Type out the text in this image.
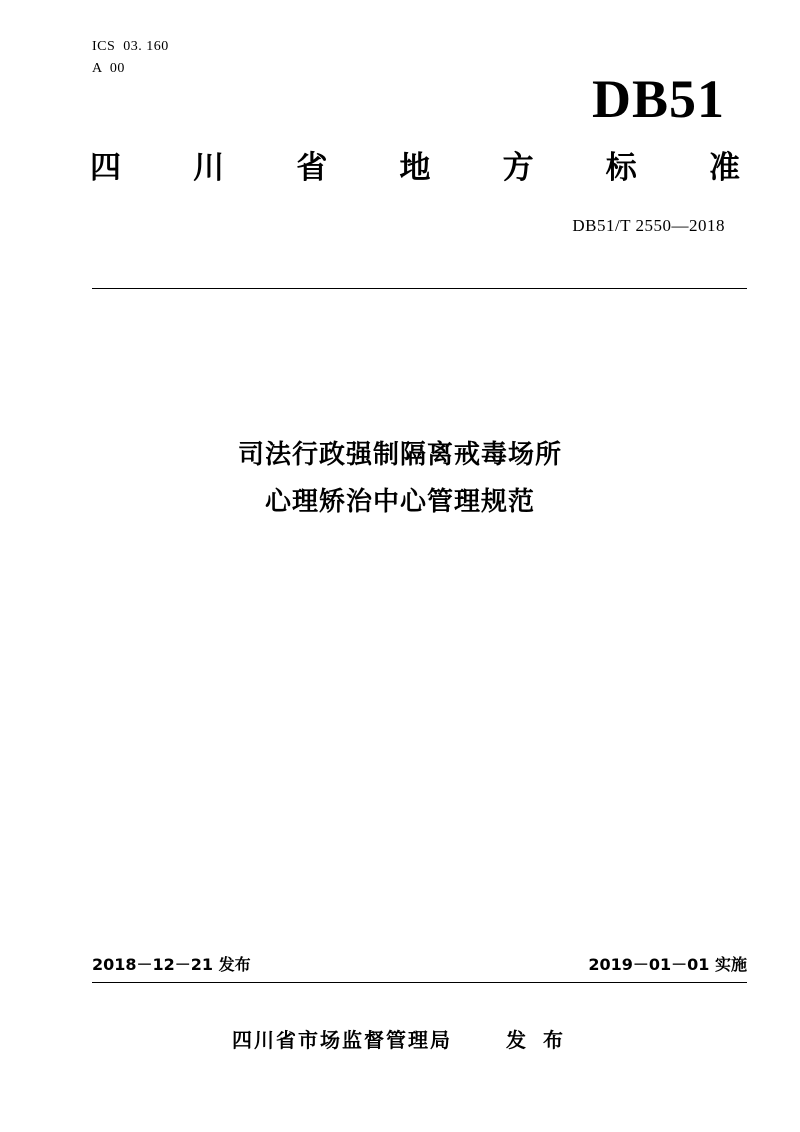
ICS  03. 160
A  00
DB51
四 川 省 地 方 标 准
DB51/T 2550—2018
司法行政强制隔离戒毒场所
心理矫治中心管理规范
2018－12－21 发布	2019－01－01 实施
四川省市场监督管理局	发 布
